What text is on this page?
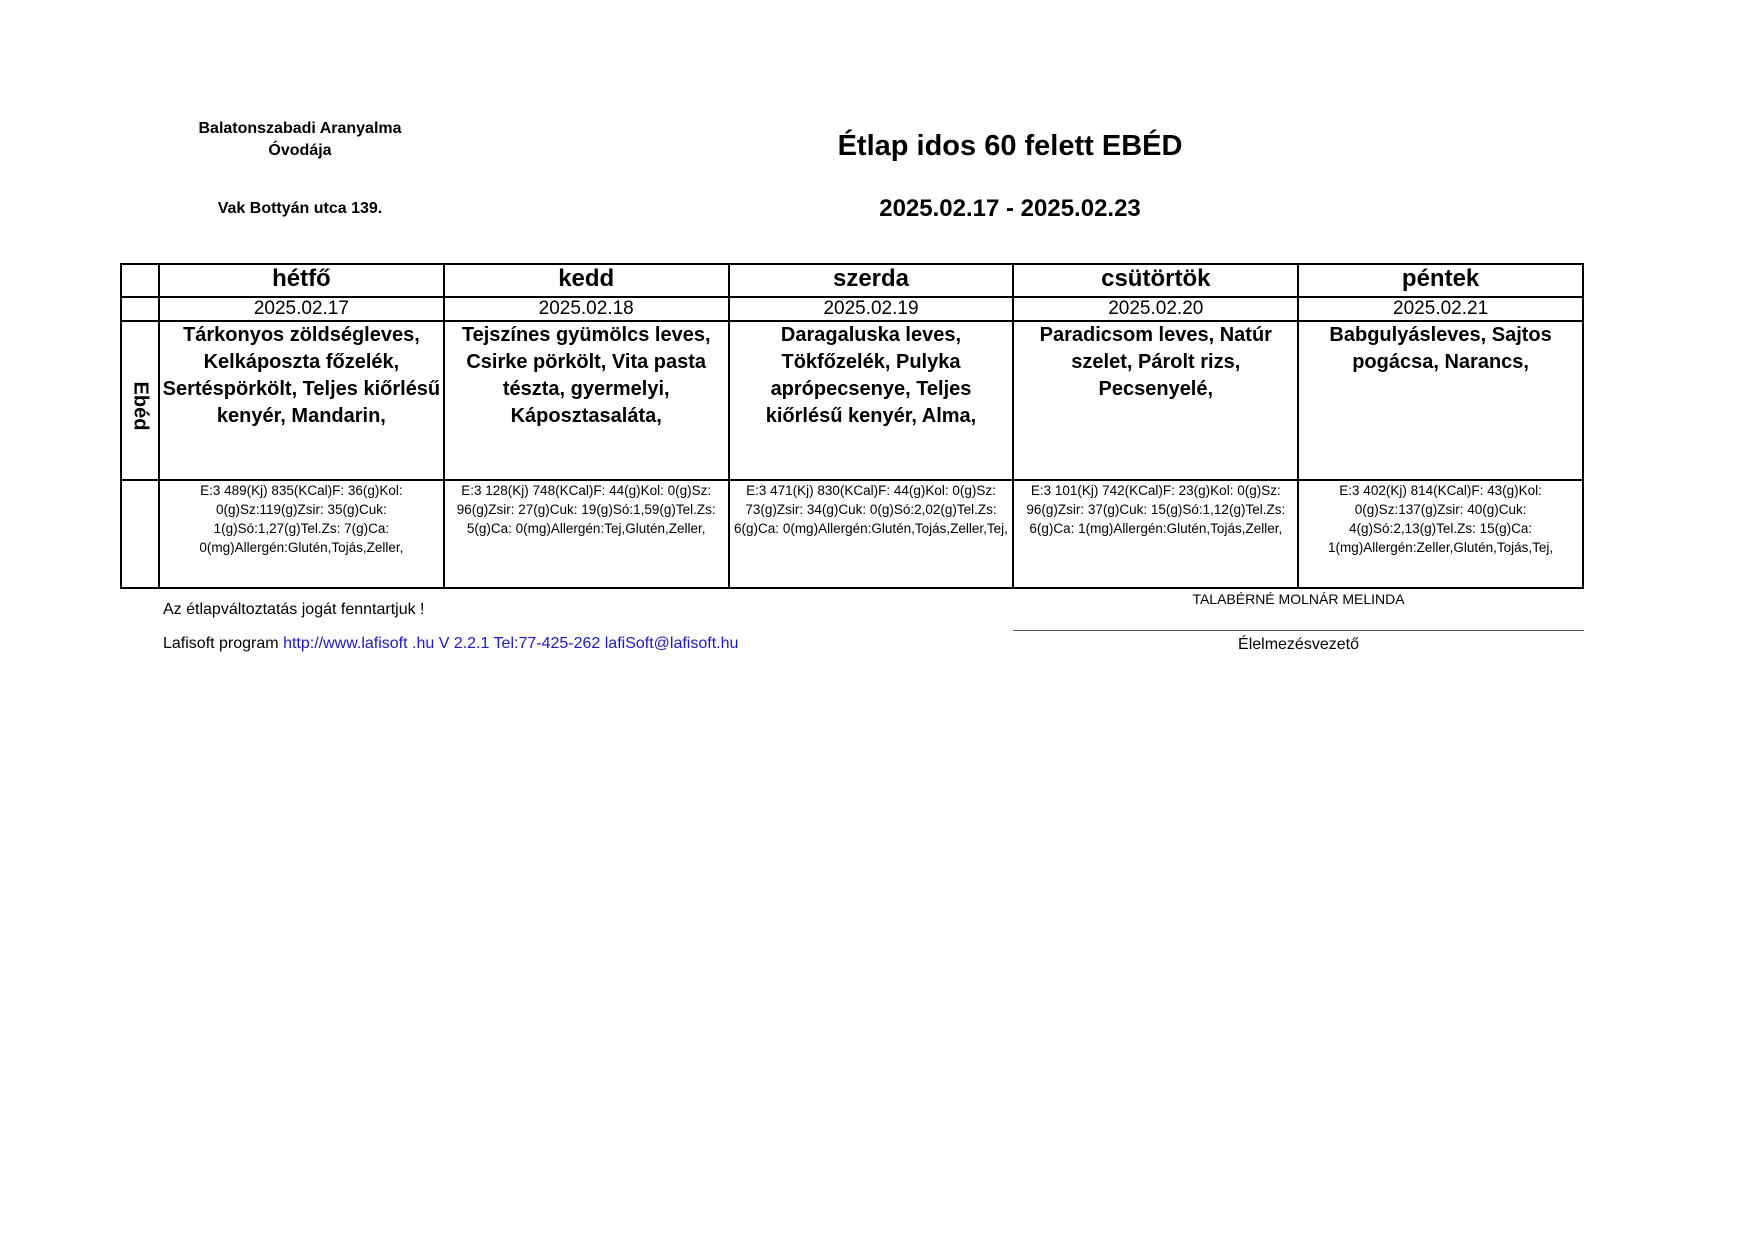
Balatonszabadi Aranyalma
Óvodája
Vak Bottyán utca 139.
Étlap idos 60 felett EBÉD
2025.02.17 - 2025.02.23
	hétfő	kedd	szerda	csütörtök	péntek
	2025.02.17	2025.02.18	2025.02.19	2025.02.20	2025.02.21

Ebéd	Tárkonyos zöldségleves, Kelkáposzta főzelék, Sertéspörkölt, Teljes kiőrlésű kenyér, Mandarin,	Tejszínes gyümölcs leves, Csirke pörkölt, Vita pasta tészta, gyermelyi, Káposztasaláta,	Daragaluska leves, Tökfőzelék, Pulyka aprópecsenye, Teljes kiőrlésű kenyér, Alma,	Paradicsom leves, Natúr szelet, Párolt rizs, Pecsenyelé,	Babgulyásleves, Sajtos pogácsa, Narancs,
	E:3 489(Kj) 835(KCal)F: 36(g)Kol: 0(g)Sz:119(g)Zsir: 35(g)Cuk: 1(g)Só:1,27(g)Tel.Zs: 7(g)Ca: 0(mg)Allergén:Glutén,Tojás,Zeller,	E:3 128(Kj) 748(KCal)F: 44(g)Kol: 0(g)Sz: 96(g)Zsir: 27(g)Cuk: 19(g)Só:1,59(g)Tel.Zs: 5(g)Ca: 0(mg)Allergén:Tej,Glutén,Zeller,	E:3 471(Kj) 830(KCal)F: 44(g)Kol: 0(g)Sz: 73(g)Zsir: 34(g)Cuk: 0(g)Só:2,02(g)Tel.Zs: 6(g)Ca: 0(mg)Allergén:Glutén,Tojás,Zeller,Tej,	E:3 101(Kj) 742(KCal)F: 23(g)Kol: 0(g)Sz: 96(g)Zsir: 37(g)Cuk: 15(g)Só:1,12(g)Tel.Zs: 6(g)Ca: 1(mg)Allergén:Glutén,Tojás,Zeller,	E:3 402(Kj) 814(KCal)F: 43(g)Kol: 0(g)Sz:137(g)Zsir: 40(g)Cuk: 4(g)Só:2,13(g)Tel.Zs: 15(g)Ca: 1(mg)Allergén:Zeller,Glutén,Tojás,Tej,
Az étlapváltoztatás jogát fenntartjuk !
Lafisoft program http://www.lafisoft .hu V 2.2.1 Tel:77-425-262 lafiSoft@lafisoft.hu
TALABÉRNÉ MOLNÁR MELINDA
Élelmezésvezető
